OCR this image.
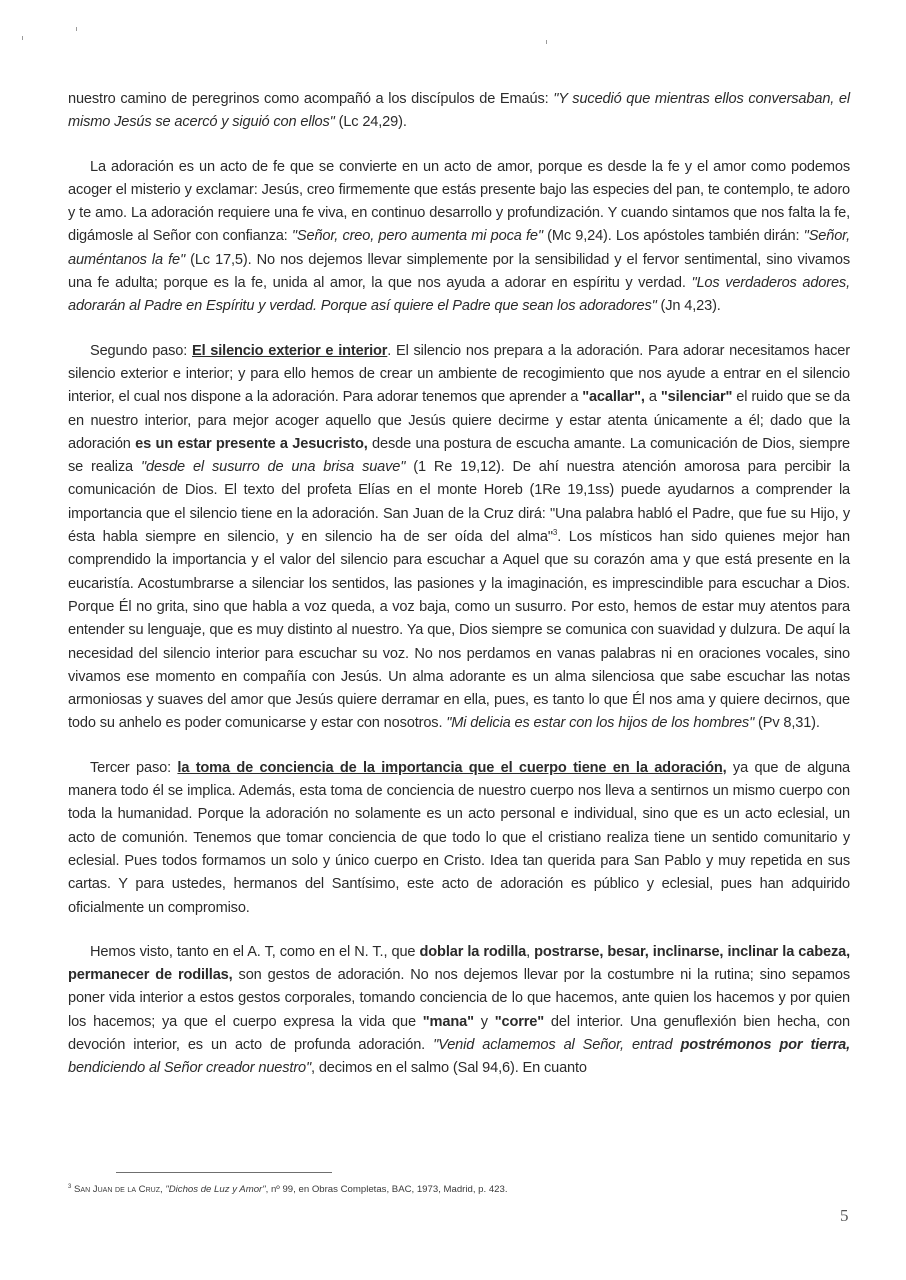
nuestro camino de peregrinos como acompañó a los discípulos de Emaús: "Y sucedió que mientras ellos conversaban, el mismo Jesús se acercó y siguió con ellos" (Lc 24,29).

La adoración es un acto de fe que se convierte en un acto de amor, porque es desde la fe y el amor como podemos acoger el misterio y exclamar: Jesús, creo firmemente que estás presente bajo las especies del pan, te contemplo, te adoro y te amo. La adoración requiere una fe viva, en continuo desarrollo y profundización. Y cuando sintamos que nos falta la fe, digámosle al Señor con confianza: "Señor, creo, pero aumenta mi poca fe" (Mc 9,24). Los apóstoles también dirán: "Señor, auméntanos la fe" (Lc 17,5). No nos dejemos llevar simplemente por la sensibilidad y el fervor sentimental, sino vivamos una fe adulta; porque es la fe, unida al amor, la que nos ayuda a adorar en espíritu y verdad. "Los verdaderos adores, adorarán al Padre en Espíritu y verdad. Porque así quiere el Padre que sean los adoradores" (Jn 4,23).

Segundo paso: El silencio exterior e interior. El silencio nos prepara a la adoración. Para adorar necesitamos hacer silencio exterior e interior; y para ello hemos de crear un ambiente de recogimiento que nos ayude a entrar en el silencio interior, el cual nos dispone a la adoración. Para adorar tenemos que aprender a "acallar", a "silenciar" el ruido que se da en nuestro interior, para mejor acoger aquello que Jesús quiere decirme y estar atenta únicamente a él; dado que la adoración es un estar presente a Jesucristo, desde una postura de escucha amante. La comunicación de Dios, siempre se realiza "desde el susurro de una brisa suave" (1 Re 19,12). De ahí nuestra atención amorosa para percibir la comunicación de Dios. El texto del profeta Elías en el monte Horeb (1Re 19,1ss) puede ayudarnos a comprender la importancia que el silencio tiene en la adoración. San Juan de la Cruz dirá: "Una palabra habló el Padre, que fue su Hijo, y ésta habla siempre en silencio, y en silencio ha de ser oída del alma"$^3$. Los místicos han sido quienes mejor han comprendido la importancia y el valor del silencio para escuchar a Aquel que su corazón ama y que está presente en la eucaristía. Acostumbrarse a silenciar los sentidos, las pasiones y la imaginación, es imprescindible para escuchar a Dios. Porque Él no grita, sino que habla a voz queda, a voz baja, como un susurro. Por esto, hemos de estar muy atentos para entender su lenguaje, que es muy distinto al nuestro. Ya que, Dios siempre se comunica con suavidad y dulzura. De aquí la necesidad del silencio interior para escuchar su voz. No nos perdamos en vanas palabras ni en oraciones vocales, sino vivamos ese momento en compañía con Jesús. Un alma adorante es un alma silenciosa que sabe escuchar las notas armoniosas y suaves del amor que Jesús quiere derramar en ella, pues, es tanto lo que Él nos ama y quiere decirnos, que todo su anhelo es poder comunicarse y estar con nosotros. "Mi delicia es estar con los hijos de los hombres" (Pv 8,31).

Tercer paso: la toma de conciencia de la importancia que el cuerpo tiene en la adoración, ya que de alguna manera todo él se implica. Además, esta toma de conciencia de nuestro cuerpo nos lleva a sentirnos un mismo cuerpo con toda la humanidad. Porque la adoración no solamente es un acto personal e individual, sino que es un acto eclesial, un acto de comunión. Tenemos que tomar conciencia de que todo lo que el cristiano realiza tiene un sentido comunitario y eclesial. Pues todos formamos un solo y único cuerpo en Cristo. Idea tan querida para San Pablo y muy repetida en sus cartas. Y para ustedes, hermanos del Santísimo, este acto de adoración es público y eclesial, pues han adquirido oficialmente un compromiso.

Hemos visto, tanto en el A. T, como en el N. T., que doblar la rodilla, postrarse, besar, inclinarse, inclinar la cabeza, permanecer de rodillas, son gestos de adoración. No nos dejemos llevar por la costumbre ni la rutina; sino sepamos poner vida interior a estos gestos corporales, tomando conciencia de lo que hacemos, ante quien los hacemos y por quien los hacemos; ya que el cuerpo expresa la vida que "mana" y "corre" del interior. Una genuflexión bien hecha, con devoción interior, es un acto de profunda adoración. "Venid aclamemos al Señor, entrad postrémonos por tierra, bendiciendo al Señor creador nuestro", decimos en el salmo (Sal 94,6). En cuanto

$^3$ San Juan de la Cruz, "Dichos de Luz y Amor", nº 99, en Obras Completas, BAC, 1973, Madrid, p. 423.
5
